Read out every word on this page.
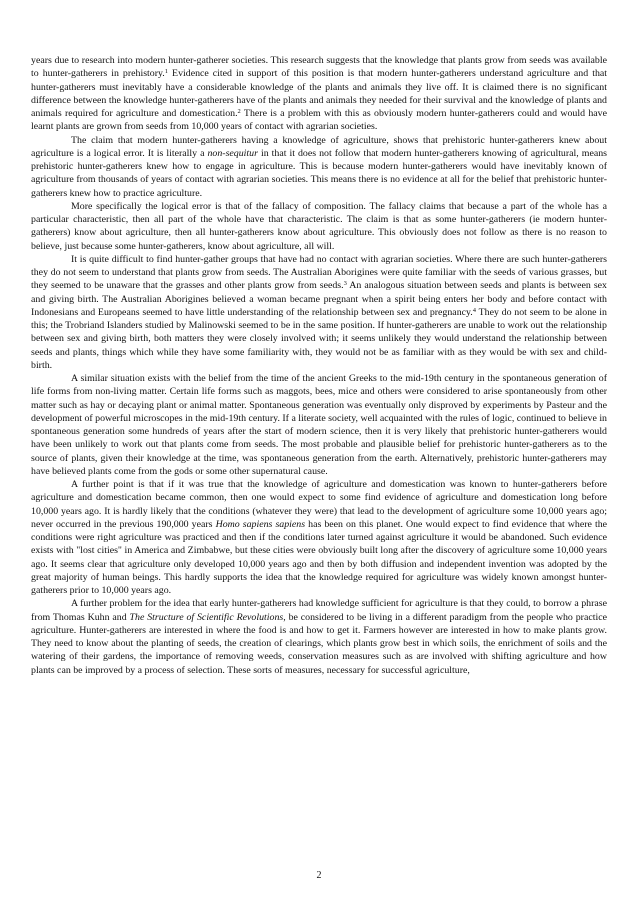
years due to research into modern hunter-gatherer societies. This research suggests that the knowledge that plants grow from seeds was available to hunter-gatherers in prehistory.$^1$ Evidence cited in support of this position is that modern hunter-gatherers understand agriculture and that hunter-gatherers must inevitably have a considerable knowledge of the plants and animals they live off. It is claimed there is no significant difference between the knowledge hunter-gatherers have of the plants and animals they needed for their survival and the knowledge of plants and animals required for agriculture and domestication.$^2$ There is a problem with this as obviously modern hunter-gatherers could and would have learnt plants are grown from seeds from 10,000 years of contact with agrarian societies.

The claim that modern hunter-gatherers having a knowledge of agriculture, shows that prehistoric hunter-gatherers knew about agriculture is a logical error. It is literally a non-sequitur in that it does not follow that modern hunter-gatherers knowing of agricultural, means prehistoric hunter-gatherers knew how to engage in agriculture. This is because modern hunter-gatherers would have inevitably known of agriculture from thousands of years of contact with agrarian societies. This means there is no evidence at all for the belief that prehistoric hunter-gatherers knew how to practice agriculture.

More specifically the logical error is that of the fallacy of composition. The fallacy claims that because a part of the whole has a particular characteristic, then all part of the whole have that characteristic. The claim is that as some hunter-gatherers (ie modern hunter-gatherers) know about agriculture, then all hunter-gatherers know about agriculture. This obviously does not follow as there is no reason to believe, just because some hunter-gatherers, know about agriculture, all will.

It is quite difficult to find hunter-gather groups that have had no contact with agrarian societies. Where there are such hunter-gatherers they do not seem to understand that plants grow from seeds. The Australian Aborigines were quite familiar with the seeds of various grasses, but they seemed to be unaware that the grasses and other plants grow from seeds.$^3$ An analogous situation between seeds and plants is between sex and giving birth. The Australian Aborigines believed a woman became pregnant when a spirit being enters her body and before contact with Indonesians and Europeans seemed to have little understanding of the relationship between sex and pregnancy.$^4$ They do not seem to be alone in this; the Trobriand Islanders studied by Malinowski seemed to be in the same position. If hunter-gatherers are unable to work out the relationship between sex and giving birth, both matters they were closely involved with; it seems unlikely they would understand the relationship between seeds and plants, things which while they have some familiarity with, they would not be as familiar with as they would be with sex and child-birth.

A similar situation exists with the belief from the time of the ancient Greeks to the mid-19th century in the spontaneous generation of life forms from non-living matter. Certain life forms such as maggots, bees, mice and others were considered to arise spontaneously from other matter such as hay or decaying plant or animal matter. Spontaneous generation was eventually only disproved by experiments by Pasteur and the development of powerful microscopes in the mid-19th century. If a literate society, well acquainted with the rules of logic, continued to believe in spontaneous generation some hundreds of years after the start of modern science, then it is very likely that prehistoric hunter-gatherers would have been unlikely to work out that plants come from seeds. The most probable and plausible belief for prehistoric hunter-gatherers as to the source of plants, given their knowledge at the time, was spontaneous generation from the earth. Alternatively, prehistoric hunter-gatherers may have believed plants come from the gods or some other supernatural cause.

A further point is that if it was true that the knowledge of agriculture and domestication was known to hunter-gatherers before agriculture and domestication became common, then one would expect to some find evidence of agriculture and domestication long before 10,000 years ago. It is hardly likely that the conditions (whatever they were) that lead to the development of agriculture some 10,000 years ago; never occurred in the previous 190,000 years Homo sapiens sapiens has been on this planet. One would expect to find evidence that where the conditions were right agriculture was practiced and then if the conditions later turned against agriculture it would be abandoned. Such evidence exists with "lost cities" in America and Zimbabwe, but these cities were obviously built long after the discovery of agriculture some 10,000 years ago. It seems clear that agriculture only developed 10,000 years ago and then by both diffusion and independent invention was adopted by the great majority of human beings. This hardly supports the idea that the knowledge required for agriculture was widely known amongst hunter-gatherers prior to 10,000 years ago.

A further problem for the idea that early hunter-gatherers had knowledge sufficient for agriculture is that they could, to borrow a phrase from Thomas Kuhn and The Structure of Scientific Revolutions, be considered to be living in a different paradigm from the people who practice agriculture. Hunter-gatherers are interested in where the food is and how to get it. Farmers however are interested in how to make plants grow. They need to know about the planting of seeds, the creation of clearings, which plants grow best in which soils, the enrichment of soils and the watering of their gardens, the importance of removing weeds, conservation measures such as are involved with shifting agriculture and how plants can be improved by a process of selection. These sorts of measures, necessary for successful agriculture,

2
